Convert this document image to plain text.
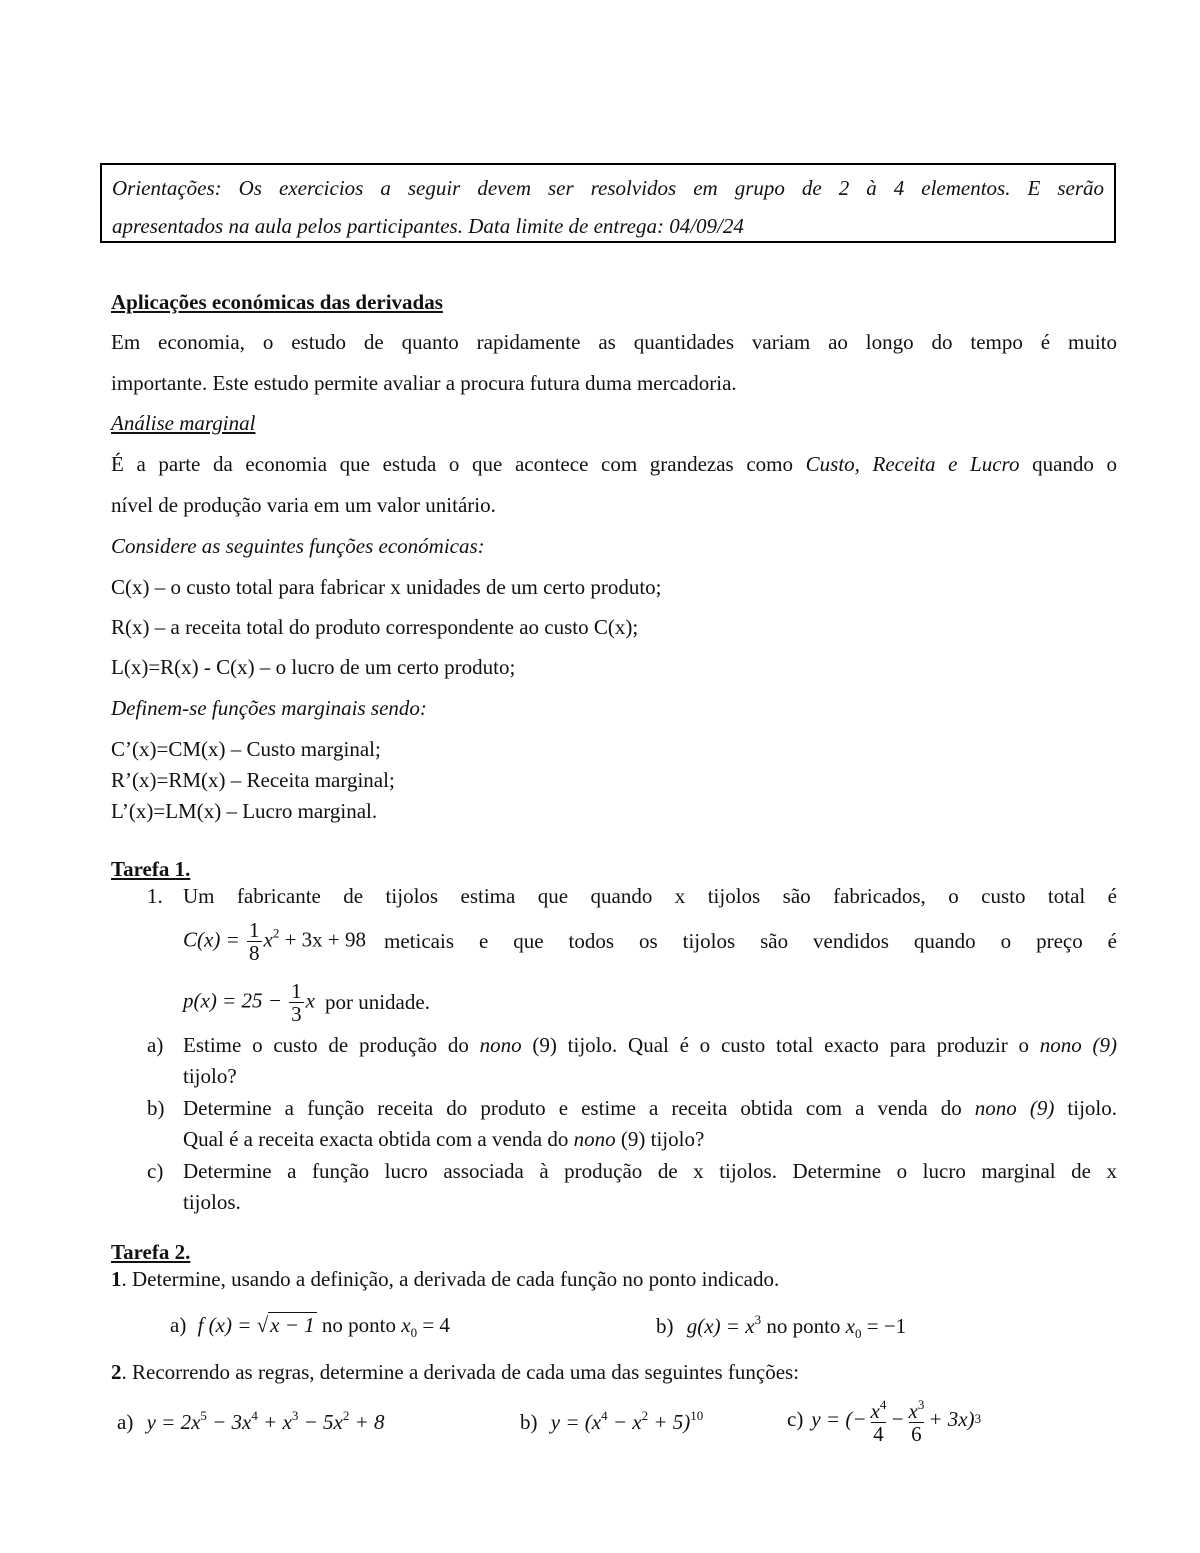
Orientações: Os exercicios a seguir devem ser resolvidos em grupo de 2 à 4 elementos. E serão
apresentados na aula pelos participantes. Data limite de entrega: 04/09/24
Aplicações económicas das derivadas
Em economia, o estudo de quanto rapidamente as quantidades variam ao longo do tempo é muito
importante. Este estudo permite avaliar a procura futura duma mercadoria.
Análise marginal
É a parte da economia que estuda o que acontece com grandezas como Custo, Receita e Lucro quando o
nível de produção varia em um valor unitário.
Considere as seguintes funções económicas:
C(x) – o custo total para fabricar x unidades de um certo produto;
R(x) – a receita total do produto correspondente ao custo C(x);
L(x)=R(x) - C(x) – o lucro de um certo produto;
Definem-se funções marginais sendo:
C’(x)=CM(x) – Custo marginal;
R’(x)=RM(x) – Receita marginal;
L’(x)=LM(x) – Lucro marginal.
Tarefa 1.
1. Um fabricante de tijolos estima que quando x tijolos são fabricados, o custo total é
$C(x) = \frac{1}{8} x^2 + 3x + 98$ meticais e que todos os tijolos são vendidos quando o preço é
$p(x) = 25 - \frac{1}{3}$ x por unidade.
a) Estime o custo de produção do nono (9) tijolo. Qual é o custo total exacto para produzir o nono (9)
tijolo?
b) Determine a função receita do produto e estime a receita obtida com a venda do nono (9) tijolo.
Qual é a receita exacta obtida com a venda do nono (9) tijolo?
c) Determine a função lucro associada à produção de x tijolos. Determine o lucro marginal de x
tijolos.
Tarefa 2.
1. Determine, usando a definição, a derivada de cada função no ponto indicado.
a) f (x) = √x − 1 no ponto $x_0 = 4$	b) $g(x) = x^3$ no ponto $x_0 = -1$
2. Recorrendo as regras, determine a derivada de cada uma das seguintes funções:
a) $y = 2x^5 - 3x^4 + x^3 - 5x^2 + 8$	b) $y = (x^4 - x^2 + 5)^{10}$	c) y = (− $\frac{x^4}{4} - \frac{x^3}{6} + 3x$) 3
